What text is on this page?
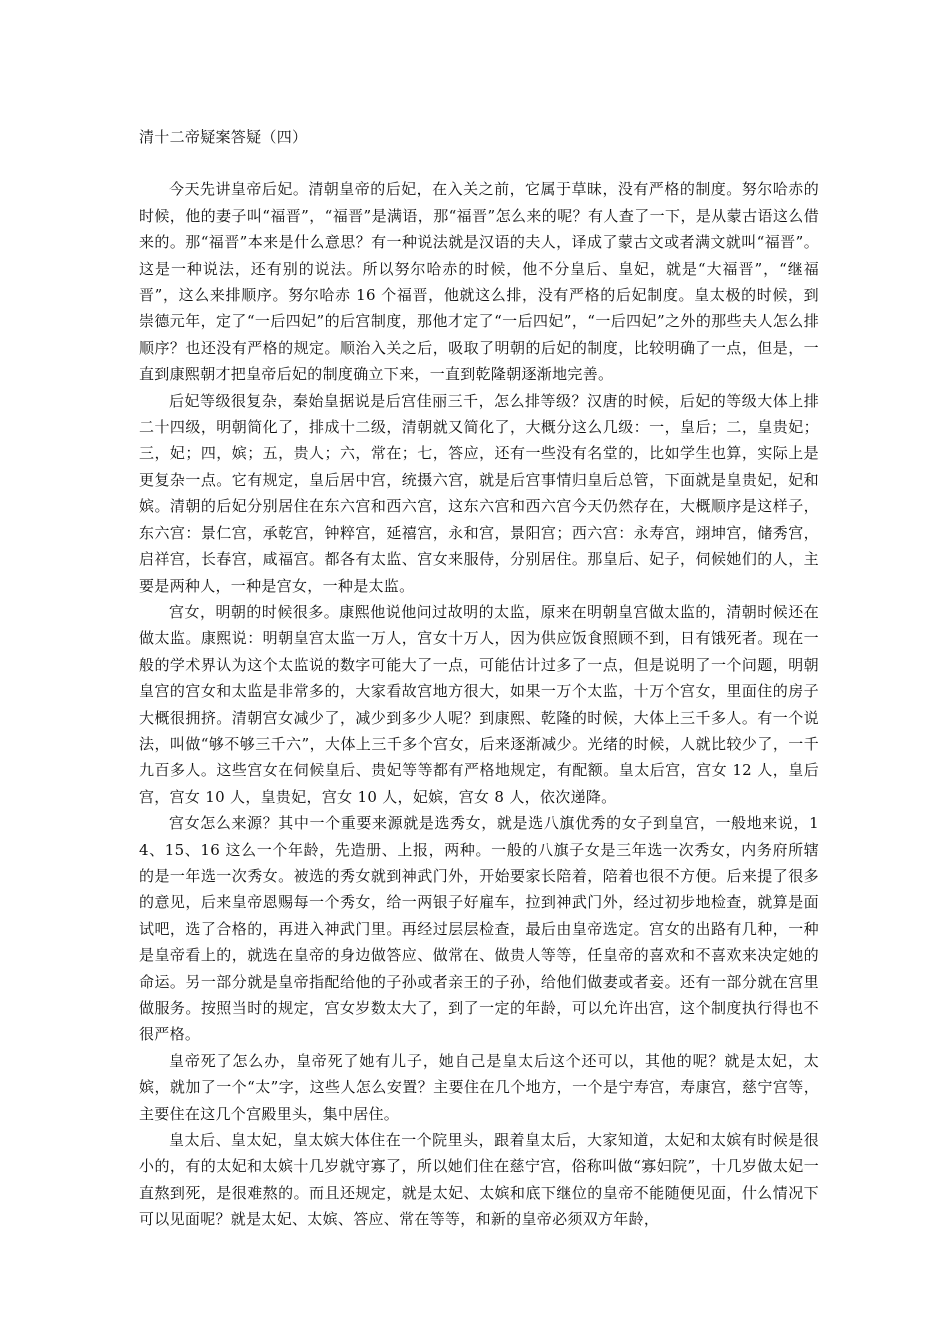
清十二帝疑案答疑（四）

今天先讲皇帝后妃。清朝皇帝的后妃，在入关之前，它属于草昧，没有严格的制度。努尔哈赤的时候，他的妻子叫“福晋”，“福晋”是满语，那“福晋”怎么来的呢？有人查了一下，是从蒙古语这么借来的。那“福晋”本来是什么意思？有一种说法就是汉语的夫人，译成了蒙古文或者满文就叫“福晋”。这是一种说法，还有别的说法。所以努尔哈赤的时候，他不分皇后、皇妃，就是“大福晋”，“继福晋”，这么来排顺序。努尔哈赤 16 个福晋，他就这么排，没有严格的后妃制度。皇太极的时候，到崇德元年，定了“一后四妃”的后宫制度，那他才定了“一后四妃”，“一后四妃”之外的那些夫人怎么排顺序？也还没有严格的规定。顺治入关之后，吸取了明朝的后妃的制度，比较明确了一点，但是，一直到康熙朝才把皇帝后妃的制度确立下来，一直到乾隆朝逐渐地完善。

后妃等级很复杂，秦始皇据说是后宫佳丽三千，怎么排等级？汉唐的时候，后妃的等级大体上排二十四级，明朝简化了，排成十二级，清朝就又简化了，大概分这么几级：一，皇后；二，皇贵妃；三，妃；四，嫔；五，贵人；六，常在；七，答应，还有一些没有名堂的，比如学生也算，实际上是更复杂一点。它有规定，皇后居中宫，统摄六宫，就是后宫事情归皇后总管，下面就是皇贵妃，妃和嫔。清朝的后妃分别居住在东六宫和西六宫，这东六宫和西六宫今天仍然存在，大概顺序是这样子，东六宫：景仁宫，承乾宫，钟粹宫，延禧宫，永和宫，景阳宫；西六宫：永寿宫，翊坤宫，储秀宫，启祥宫，长春宫，咸福宫。都各有太监、宫女来服侍，分别居住。那皇后、妃子，伺候她们的人，主要是两种人，一种是宫女，一种是太监。

宫女，明朝的时候很多。康熙他说他问过故明的太监，原来在明朝皇宫做太监的，清朝时候还在做太监。康熙说：明朝皇宫太监一万人，宫女十万人，因为供应饭食照顾不到，日有饿死者。现在一般的学术界认为这个太监说的数字可能大了一点，可能估计过多了一点，但是说明了一个问题，明朝皇宫的宫女和太监是非常多的，大家看故宫地方很大，如果一万个太监，十万个宫女，里面住的房子大概很拥挤。清朝宫女减少了，减少到多少人呢？到康熙、乾隆的时候，大体上三千多人。有一个说法，叫做“够不够三千六”，大体上三千多个宫女，后来逐渐减少。光绪的时候，人就比较少了，一千九百多人。这些宫女在伺候皇后、贵妃等等都有严格地规定，有配额。皇太后宫，宫女 12 人，皇后宫，宫女 10 人，皇贵妃，宫女 10 人，妃嫔，宫女 8 人，依次递降。

宫女怎么来源？其中一个重要来源就是选秀女，就是选八旗优秀的女子到皇宫，一般地来说，14、15、16 这么一个年龄，先造册、上报，两种。一般的八旗子女是三年选一次秀女，内务府所辖的是一年选一次秀女。被选的秀女就到神武门外，开始要家长陪着，陪着也很不方便。后来提了很多的意见，后来皇帝恩赐每一个秀女，给一两银子好雇车，拉到神武门外，经过初步地检查，就算是面试吧，选了合格的，再进入神武门里。再经过层层检查，最后由皇帝选定。宫女的出路有几种，一种是皇帝看上的，就选在皇帝的身边做答应、做常在、做贵人等等，任皇帝的喜欢和不喜欢来决定她的命运。另一部分就是皇帝指配给他的子孙或者亲王的子孙，给他们做妻或者妾。还有一部分就在宫里做服务。按照当时的规定，宫女岁数太大了，到了一定的年龄，可以允许出宫，这个制度执行得也不很严格。

皇帝死了怎么办，皇帝死了她有儿子，她自己是皇太后这个还可以，其他的呢？就是太妃，太嫔，就加了一个“太”字，这些人怎么安置？主要住在几个地方，一个是宁寿宫，寿康宫，慈宁宫等，主要住在这几个宫殿里头，集中居住。

皇太后、皇太妃，皇太嫔大体住在一个院里头，跟着皇太后，大家知道，太妃和太嫔有时候是很小的，有的太妃和太嫔十几岁就守寡了，所以她们住在慈宁宫，俗称叫做“寡妇院”，十几岁做太妃一直熬到死，是很难熬的。而且还规定，就是太妃、太嫔和底下继位的皇帝不能随便见面，什么情况下可以见面呢？就是太妃、太嫔、答应、常在等等，和新的皇帝必须双方年龄，
